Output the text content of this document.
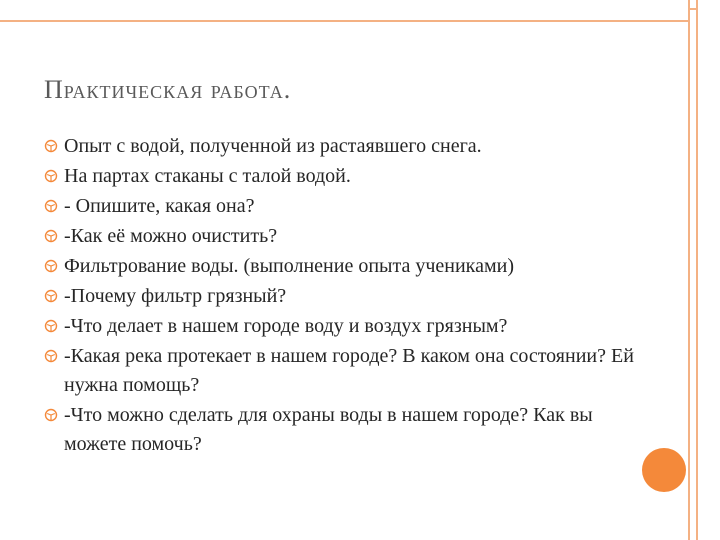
Практическая работа.
Опыт с водой, полученной из растаявшего снега.
На партах стаканы с талой водой.
- Опишите, какая она?
-Как её можно очистить?
Фильтрование воды. (выполнение опыта учениками)
-Почему фильтр грязный?
-Что делает в нашем городе воду и воздух грязным?
-Какая река протекает в нашем городе? В каком она состоянии? Ей нужна помощь?
-Что можно сделать для охраны воды в нашем городе? Как вы можете помочь?
